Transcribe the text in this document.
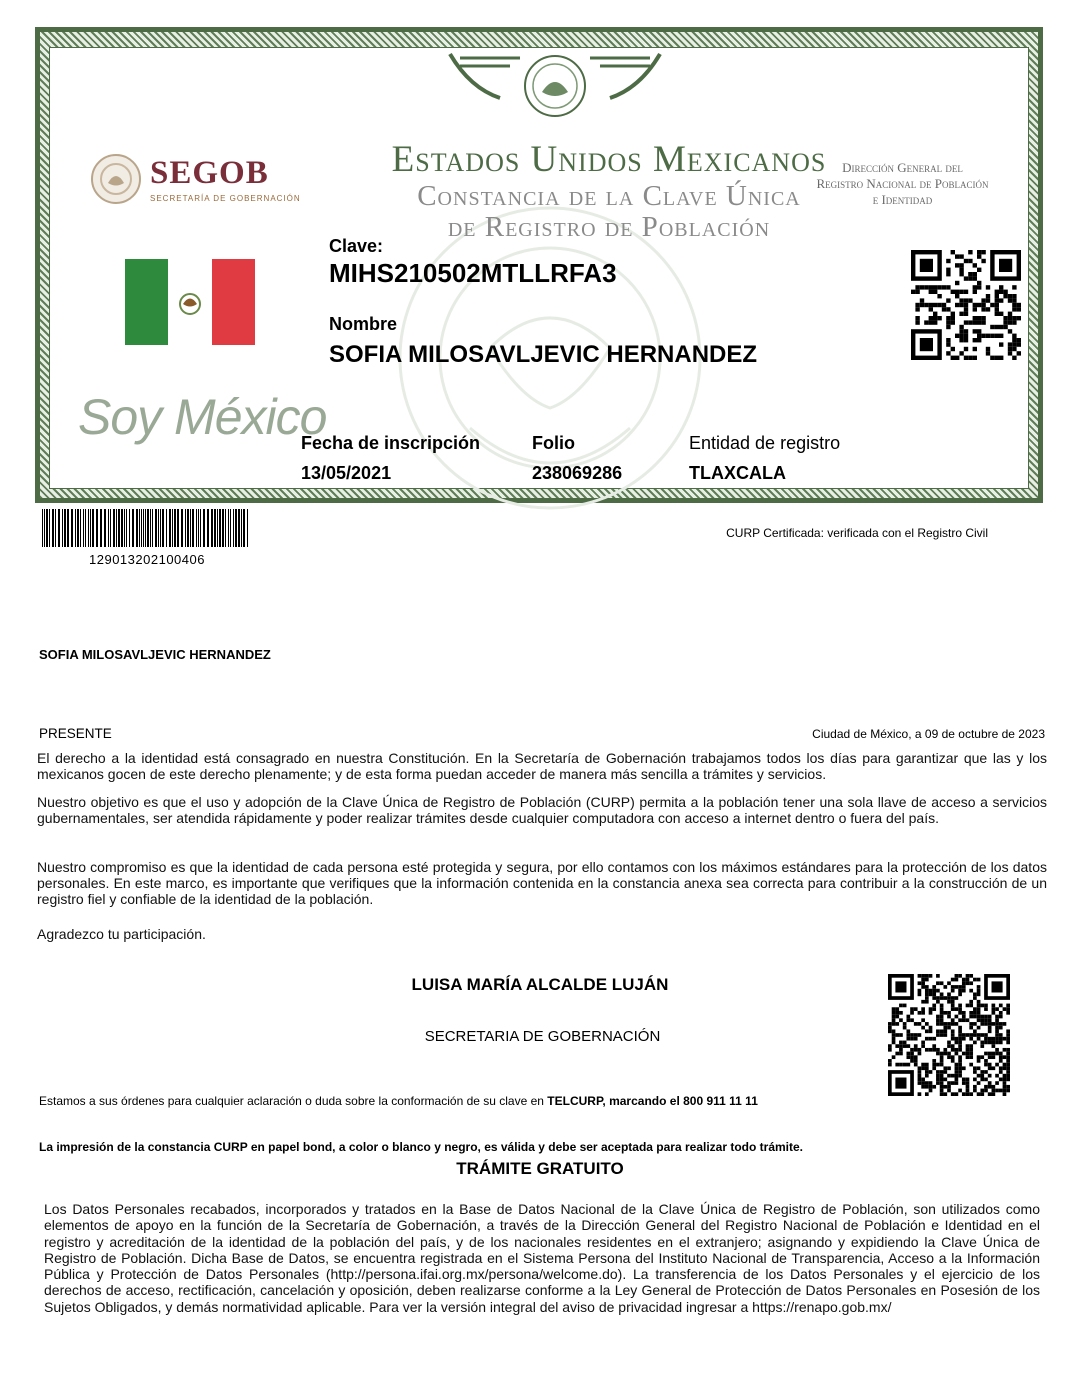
SEGOB
SECRETARÍA DE GOBERNACIÓN
Estados Unidos Mexicanos
Constancia de la Clave Única
de Registro de Población
Dirección General del
Registro Nacional de Población
e Identidad
Soy México
Clave:
MIHS210502MTLLRFA3
Nombre
SOFIA MILOSAVLJEVIC HERNANDEZ
Fecha de inscripción
13/05/2021
Folio
238069286
Entidad de registro
TLAXCALA
129013202100406
CURP Certificada: verificada con el Registro Civil
SOFIA MILOSAVLJEVIC HERNANDEZ
PRESENTE	Ciudad de México, a 09 de octubre de 2023
El derecho a la identidad está consagrado en nuestra Constitución. En la Secretaría de Gobernación trabajamos todos los días para garantizar que las y los mexicanos gocen de este derecho plenamente; y de esta forma puedan acceder de manera más sencilla a trámites y servicios.
Nuestro objetivo es que el uso y adopción de la Clave Única de Registro de Población (CURP) permita a la población tener una sola llave de acceso a servicios gubernamentales, ser atendida rápidamente y poder realizar trámites desde cualquier computadora con acceso a internet dentro o fuera del país.
Nuestro compromiso es que la identidad de cada persona esté protegida y segura, por ello contamos con los máximos estándares para la protección de los datos personales. En este marco, es importante que verifiques que la información contenida en la constancia anexa sea correcta para contribuir a la construcción de un registro fiel y confiable de la identidad de la población.
Agradezco tu participación.
LUISA MARÍA ALCALDE LUJÁN
SECRETARIA DE GOBERNACIÓN
Estamos a sus órdenes para cualquier aclaración o duda sobre la conformación de su clave en TELCURP, marcando el 800 911 11 11
La impresión de la constancia CURP en papel bond, a color o blanco y negro, es válida y debe ser aceptada para realizar todo trámite.
TRÁMITE GRATUITO
Los Datos Personales recabados, incorporados y tratados en la Base de Datos Nacional de la Clave Única de Registro de Población, son utilizados como elementos de apoyo en la función de la Secretaría de Gobernación, a través de la Dirección General del Registro Nacional de Población e Identidad en el registro y acreditación de la identidad de la población del país, y de los nacionales residentes en el extranjero; asignando y expidiendo la Clave Única de Registro de Población. Dicha Base de Datos, se encuentra registrada en el Sistema Persona del Instituto Nacional de Transparencia, Acceso a la Información Pública y Protección de Datos Personales (http://persona.ifai.org.mx/persona/welcome.do). La transferencia de los Datos Personales y el ejercicio de los derechos de acceso, rectificación, cancelación y oposición, deben realizarse conforme a la Ley General de Protección de Datos Personales en Posesión de los Sujetos Obligados, y demás normatividad aplicable. Para ver la versión integral del aviso de privacidad ingresar a https://renapo.gob.mx/
